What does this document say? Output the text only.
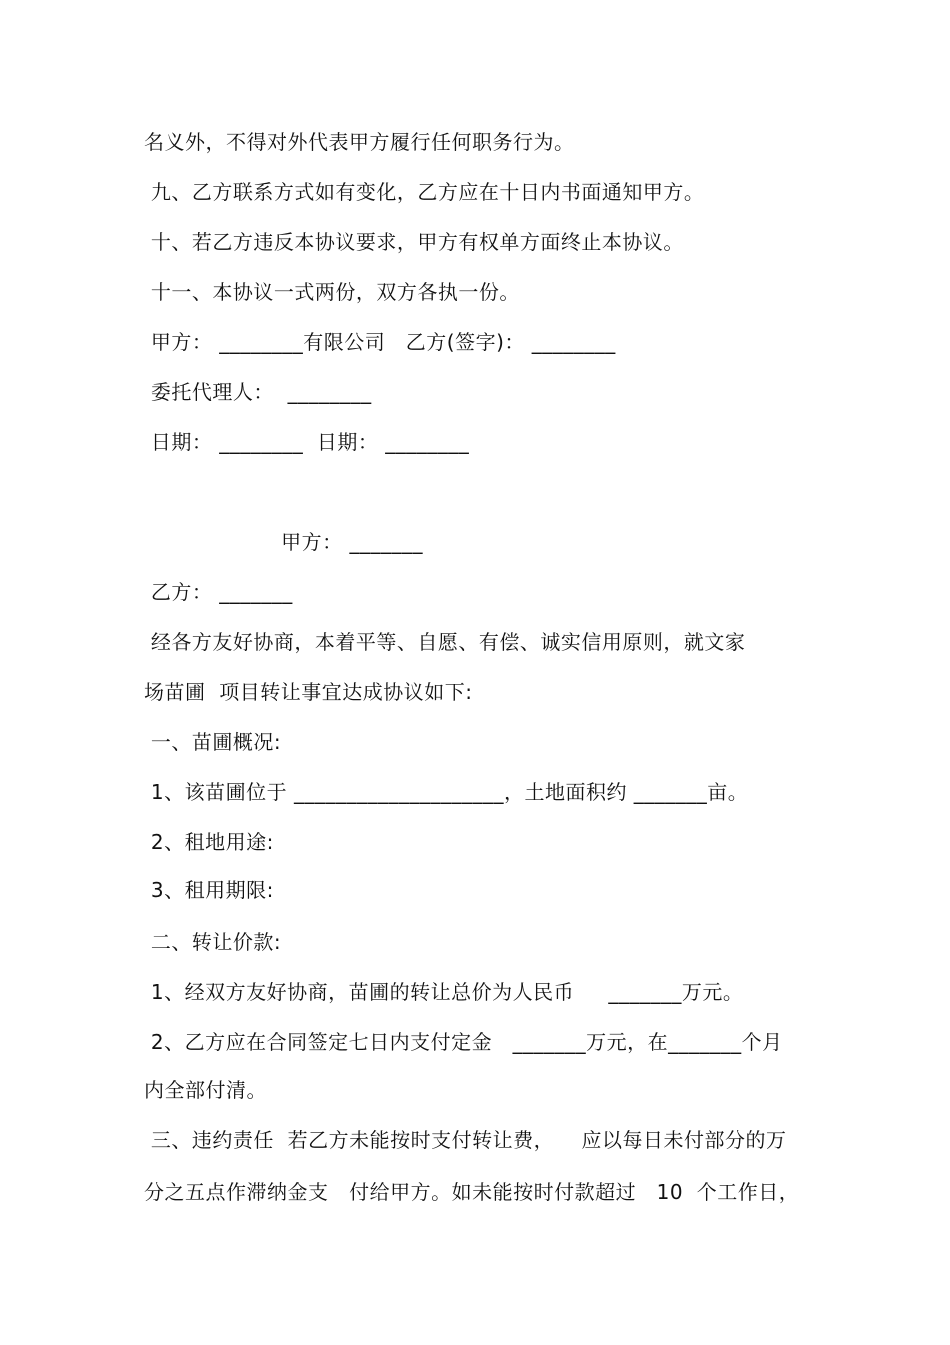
名义外，不得对外代表甲方履行任何职务行为。
九、乙方联系方式如有变化，乙方应在十日内书面通知甲方。
十、若乙方违反本协议要求，甲方有权单方面终止本协议。
十一、本协议一式两份，双方各执一份。
甲方： ________有限公司   乙方(签字)： ________
委托代理人：  ________
日期： ________  日期： ________
甲方： _______
乙方： _______
经各方友好协商，本着平等、自愿、有偿、诚实信用原则，就文家
场苗圃  项目转让事宜达成协议如下:
一、苗圃概况:
1、该苗圃位于 ____________________，土地面积约 _______亩。
2、租地用途:
3、租用期限:
二、转让价款:
1、经双方友好协商，苗圃的转让总价为人民币     _______万元。
2、乙方应在合同签定七日内支付定金   _______万元，在_______个月
内全部付清。
三、违约责任  若乙方未能按时支付转让费，    应以每日未付部分的万
分之五点作滞纳金支   付给甲方。如未能按时付款超过   10  个工作日，
